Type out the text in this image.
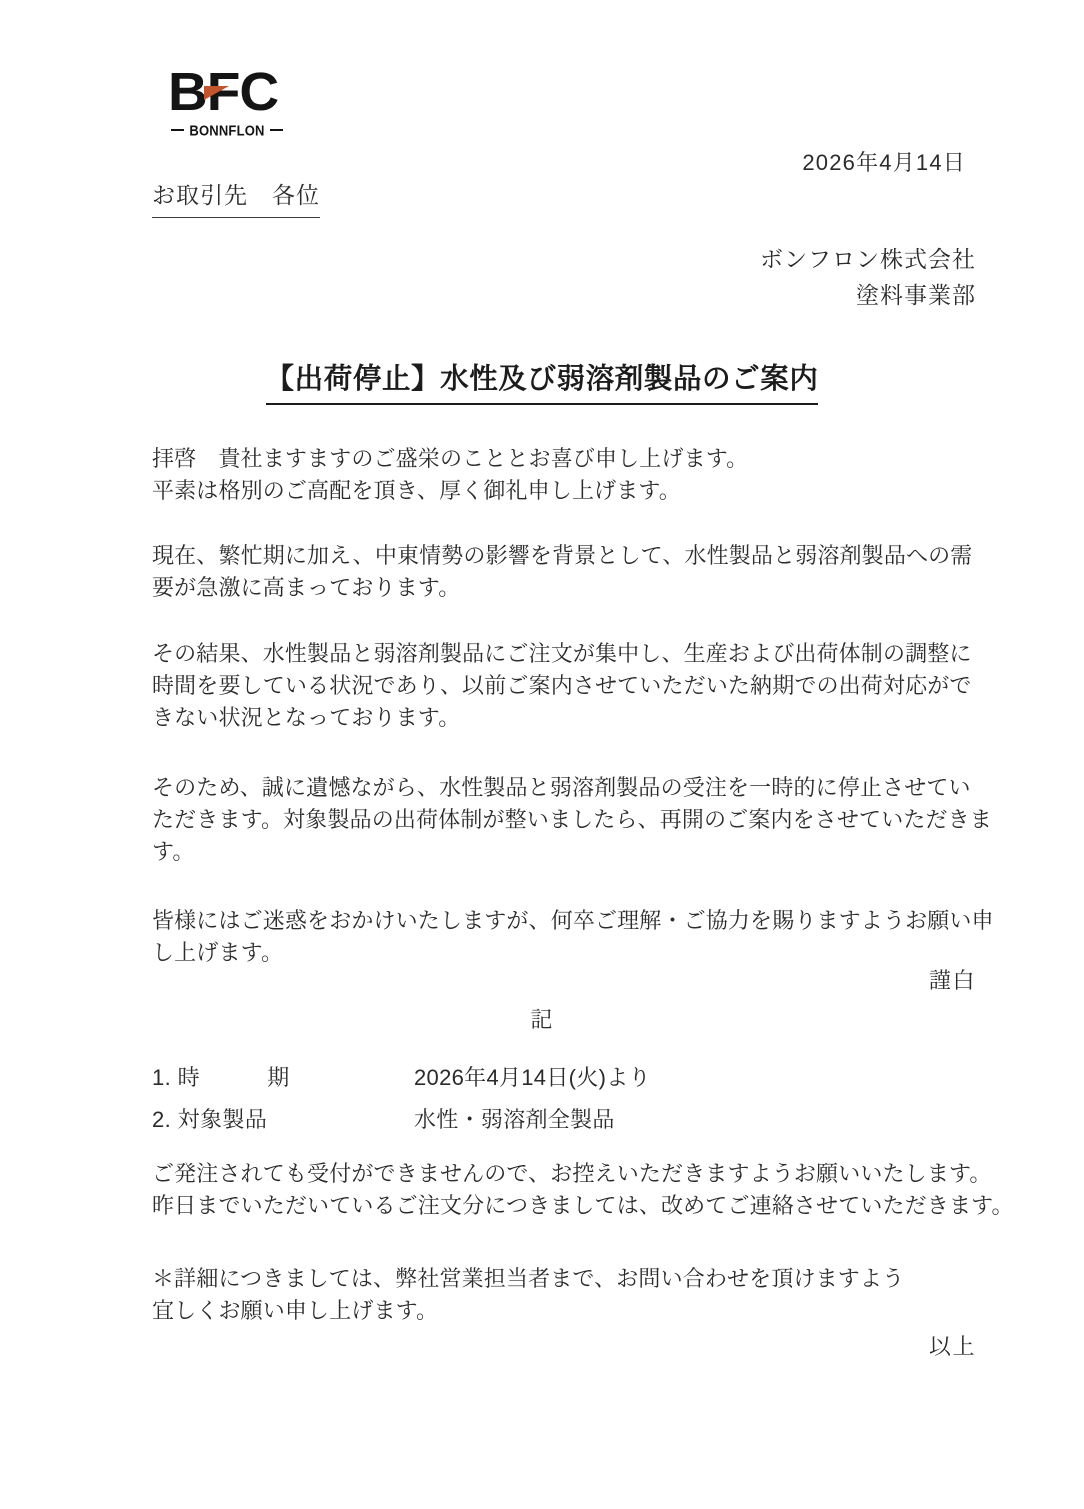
BFC
BONNFLON
2026年4月14日
お取引先　各位
ボンフロン株式会社
塗料事業部
【出荷停止】水性及び弱溶剤製品のご案内
拝啓　貴社ますますのご盛栄のこととお喜び申し上げます。
平素は格別のご高配を頂き、厚く御礼申し上げます。
現在、繁忙期に加え、中東情勢の影響を背景として、水性製品と弱溶剤製品への需
要が急激に高まっております。
その結果、水性製品と弱溶剤製品にご注文が集中し、生産および出荷体制の調整に
時間を要している状況であり、以前ご案内させていただいた納期での出荷対応がで
きない状況となっております。
そのため、誠に遺憾ながら、水性製品と弱溶剤製品の受注を一時的に停止させてい
ただきます。対象製品の出荷体制が整いましたら、再開のご案内をさせていただきま
す。
皆様にはご迷惑をおかけいたしますが、何卒ご理解・ご協力を賜りますようお願い申
し上げます。
謹白
記
1. 時　　　期	2026年4月14日(火)より
2. 対象製品	水性・弱溶剤全製品
ご発注されても受付ができませんので、お控えいただきますようお願いいたします。
昨日までいただいているご注文分につきましては、改めてご連絡させていただきます。
＊詳細につきましては、弊社営業担当者まで、お問い合わせを頂けますよう
宜しくお願い申し上げます。
以上
